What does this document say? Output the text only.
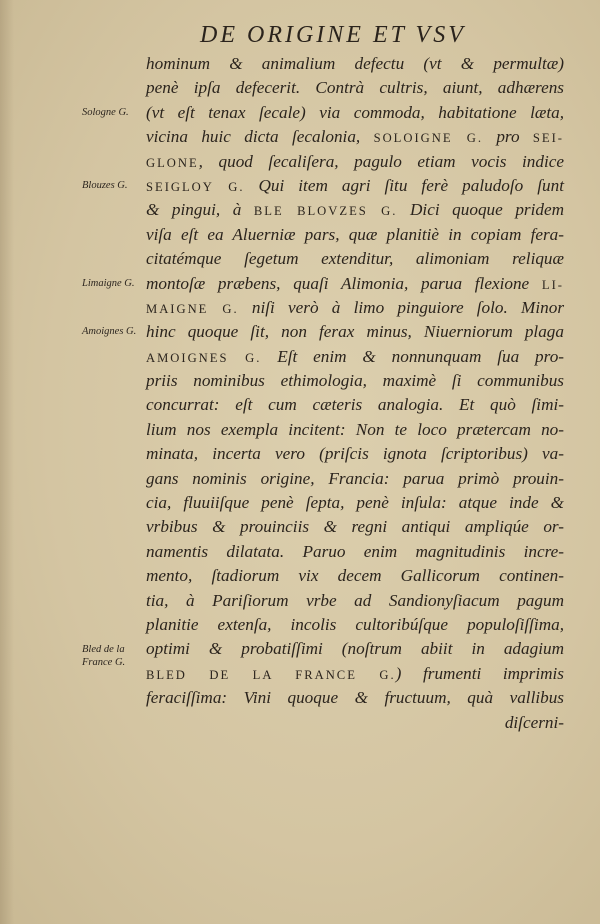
DE ORIGINE ET VSV
hominum & animalium defectu (vt & permultæ)
penè ipſa defecerit. Contrà cultris, aiunt, adhærens
(vt eſt tenax ſecale) via commoda, habitatione læta,
vicina huic dicta ſecalonia, SOLOIGNE G. pro SEI-
GLONE, quod ſecaliſera, pagulo etiam vocis indice
SEIGLOY G. Qui item agri ſitu ferè paludoſo ſunt
& pingui, à BLE BLOVZES G. Dici quoque pridem
viſa eſt ea Aluerniæ pars, quæ planitiè in copiam fera-
citatémque ſegetum extenditur, alimoniam reliquæ
montoſæ præbens, quaſi Alimonia, parua flexione LI-
MAIGNE G. niſi verò à limo pinguiore ſolo. Minor
hinc quoque ſit, non ferax minus, Niuerniorum plaga
AMOIGNES G. Eſt enim & nonnunquam ſua pro-
priis nominibus ethimologia, maximè ſi communibus
concurrat: eſt cum cæteris analogia. Et quò ſimi-
lium nos exempla incitent: Non te loco prætercam no-
minata, incerta vero (priſcis ignota ſcriptoribus) va-
gans nominis origine, Francia: parua primò prouin-
cia, fluuiiſque penè ſepta, penè inſula: atque inde &
vrbibus & prouinciis & regni antiqui ampliqúe or-
namentis dilatata. Paruo enim magnitudinis incre-
mento, ſtadiorum vix decem Gallicorum continen-
tia, à Pariſiorum vrbe ad Sandionyſiacum pagum
planitie extenſa, incolis cultoribúſque populoſiſſima,
optimi & probatiſſimi (noſtrum abiit in adagium
BLED DE LA FRANCE G.) frumenti imprimis
feraciſſima: Vini quoque & fructuum, quà vallibus
diſcerni-
Sologne G.
Blouzes G.
Limaigne G.
Amoignes G.
Bled de la France G.
